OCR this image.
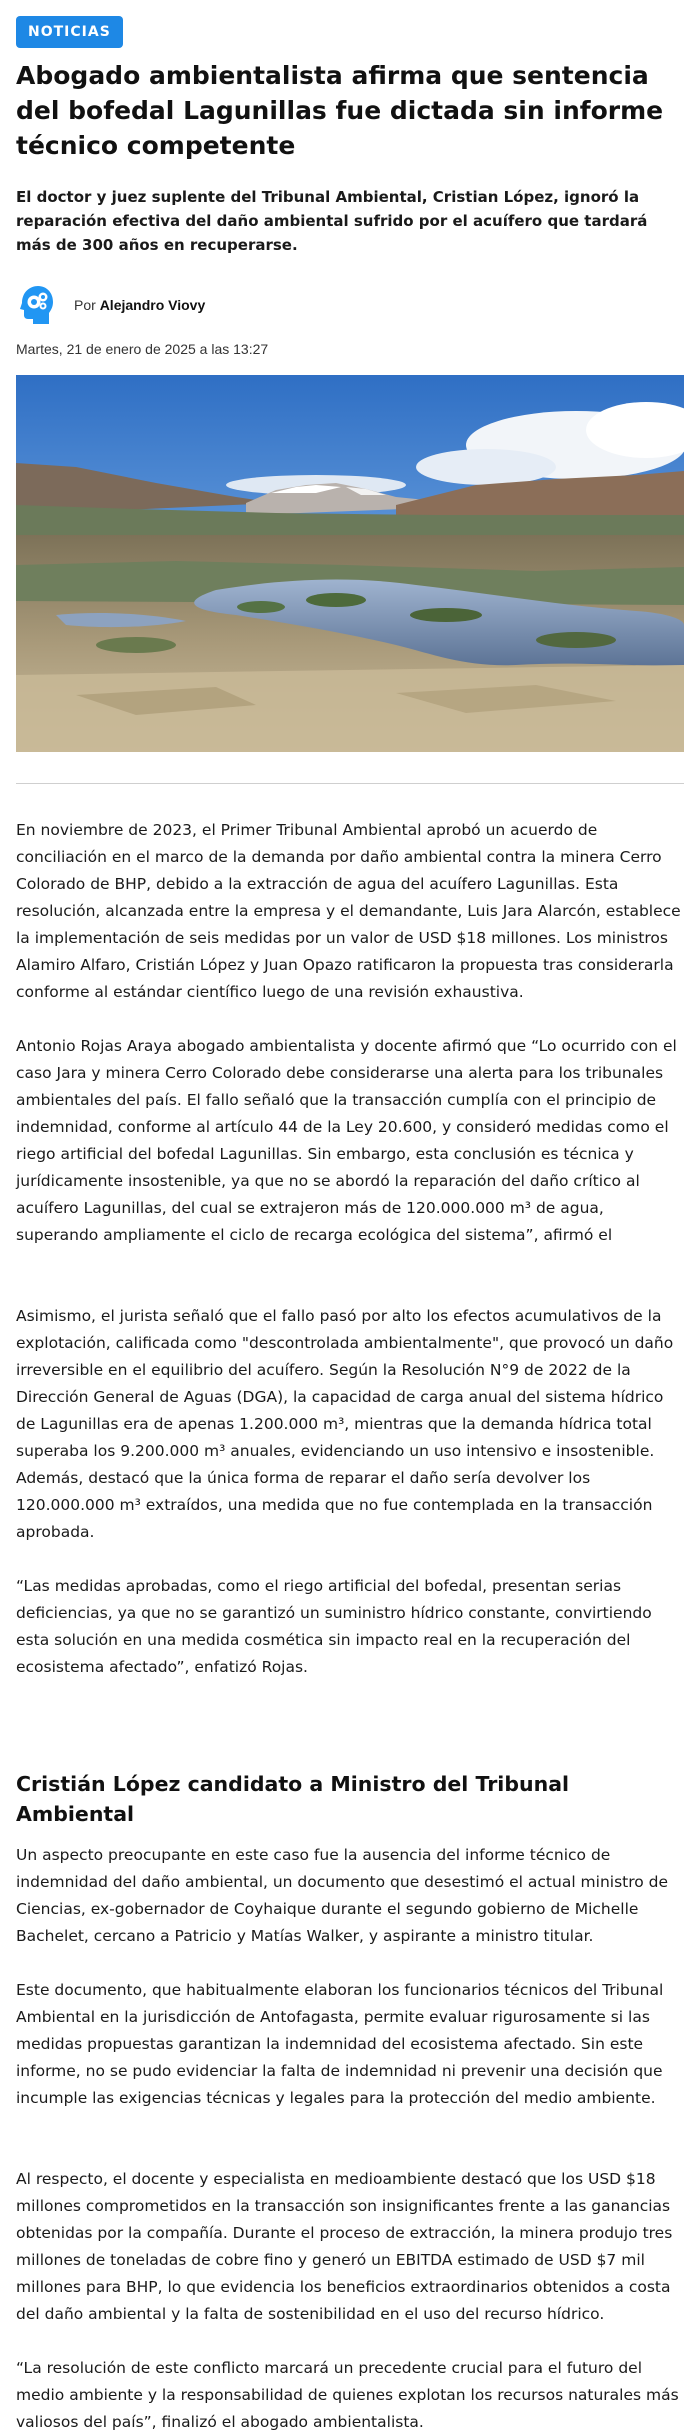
NOTICIAS
Abogado ambientalista afirma que sentencia del bofedal Lagunillas fue dictada sin informe técnico competente

El doctor y juez suplente del Tribunal Ambiental, Cristian López, ignoró la reparación efectiva del daño ambiental sufrido por el acuífero que tardará más de 300 años en recuperarse.

Por Alejandro Viovy
Martes, 21 de enero de 2025 a las 13:27

En noviembre de 2023, el Primer Tribunal Ambiental aprobó un acuerdo de conciliación en el marco de la demanda por daño ambiental contra la minera Cerro Colorado de BHP, debido a la extracción de agua del acuífero Lagunillas. Esta resolución, alcanzada entre la empresa y el demandante, Luis Jara Alarcón, establece la implementación de seis medidas por un valor de USD $18 millones. Los ministros Alamiro Alfaro, Cristián López y Juan Opazo ratificaron la propuesta tras considerarla conforme al estándar científico luego de una revisión exhaustiva.

Antonio Rojas Araya abogado ambientalista y docente afirmó que “Lo ocurrido con el caso Jara y minera Cerro Colorado debe considerarse una alerta para los tribunales ambientales del país. El fallo señaló que la transacción cumplía con el principio de indemnidad, conforme al artículo 44 de la Ley 20.600, y consideró medidas como el riego artificial del bofedal Lagunillas. Sin embargo, esta conclusión es técnica y jurídicamente insostenible, ya que no se abordó la reparación del daño crítico al acuífero Lagunillas, del cual se extrajeron más de 120.000.000 m³ de agua, superando ampliamente el ciclo de recarga ecológica del sistema”, afirmó el

Asimismo, el jurista señaló que el fallo pasó por alto los efectos acumulativos de la explotación, calificada como "descontrolada ambientalmente", que provocó un daño irreversible en el equilibrio del acuífero. Según la Resolución N°9 de 2022 de la Dirección General de Aguas (DGA), la capacidad de carga anual del sistema hídrico de Lagunillas era de apenas 1.200.000 m³, mientras que la demanda hídrica total superaba los 9.200.000 m³ anuales, evidenciando un uso intensivo e insostenible. Además, destacó que la única forma de reparar el daño sería devolver los 120.000.000 m³ extraídos, una medida que no fue contemplada en la transacción aprobada.

“Las medidas aprobadas, como el riego artificial del bofedal, presentan serias deficiencias, ya que no se garantizó un suministro hídrico constante, convirtiendo esta solución en una medida cosmética sin impacto real en la recuperación del ecosistema afectado”, enfatizó Rojas.

Cristián López candidato a Ministro del Tribunal Ambiental

Un aspecto preocupante en este caso fue la ausencia del informe técnico de indemnidad del daño ambiental, un documento que desestimó el actual ministro de Ciencias, ex-gobernador de Coyhaique durante el segundo gobierno de Michelle Bachelet, cercano a Patricio y Matías Walker, y aspirante a ministro titular.

Este documento, que habitualmente elaboran los funcionarios técnicos del Tribunal Ambiental en la jurisdicción de Antofagasta, permite evaluar rigurosamente si las medidas propuestas garantizan la indemnidad del ecosistema afectado. Sin este informe, no se pudo evidenciar la falta de indemnidad ni prevenir una decisión que incumple las exigencias técnicas y legales para la protección del medio ambiente.

Al respecto, el docente y especialista en medioambiente destacó que los USD $18 millones comprometidos en la transacción son insignificantes frente a las ganancias obtenidas por la compañía. Durante el proceso de extracción, la minera produjo tres millones de toneladas de cobre fino y generó un EBITDA estimado de USD $7 mil millones para BHP, lo que evidencia los beneficios extraordinarios obtenidos a costa del daño ambiental y la falta de sostenibilidad en el uso del recurso hídrico.

“La resolución de este conflicto marcará un precedente crucial para el futuro del medio ambiente y la responsabilidad de quienes explotan los recursos naturales más valiosos del país”, finalizó el abogado ambientalista.
